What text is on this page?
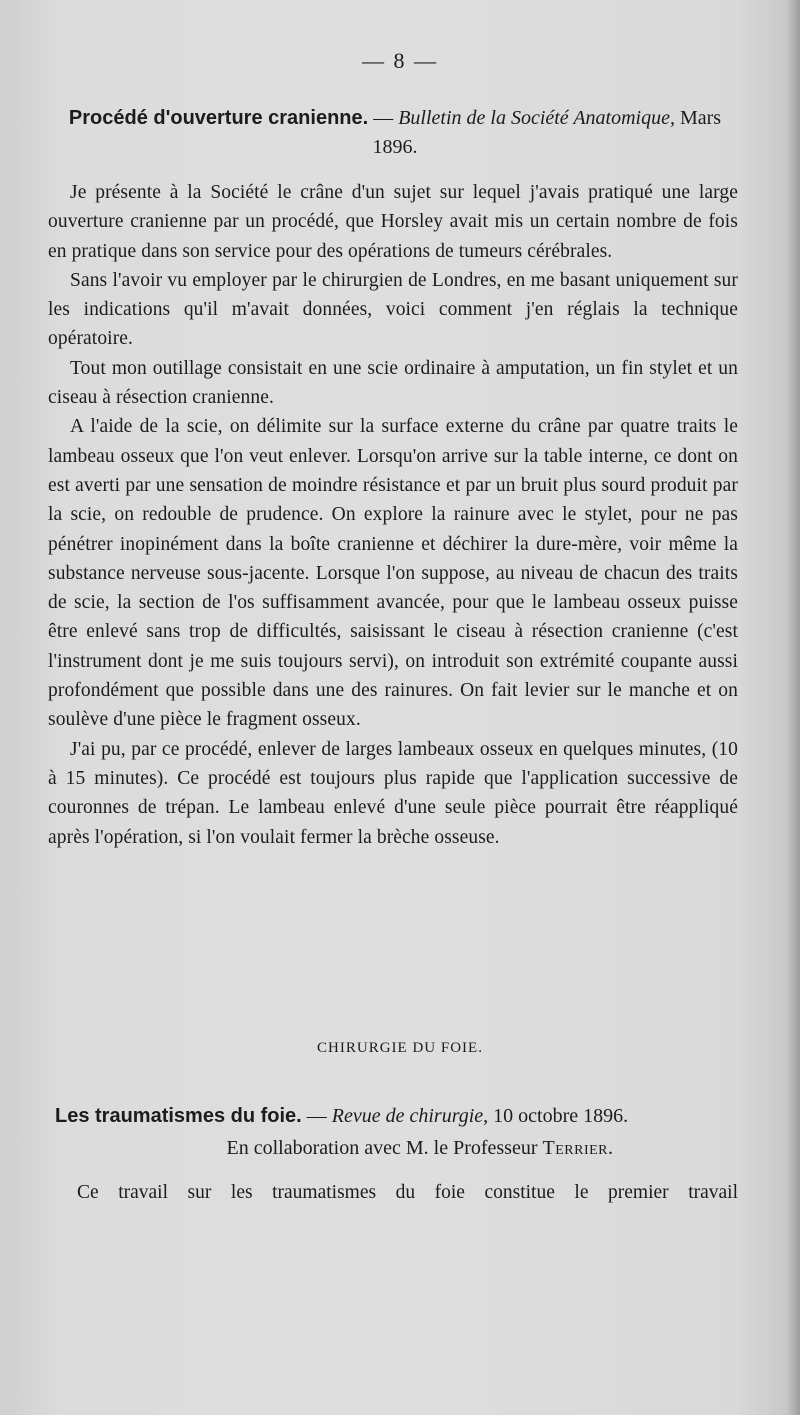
— 8 —
Procédé d'ouverture cranienne. — Bulletin de la Société Anatomique, Mars 1896.

Je présente à la Société le crâne d'un sujet sur lequel j'avais pratiqué une large ouverture cranienne par un procédé, que Horsley avait mis un certain nombre de fois en pratique dans son service pour des opérations de tumeurs cérébrales.

Sans l'avoir vu employer par le chirurgien de Londres, en me basant uniquement sur les indications qu'il m'avait données, voici comment j'en réglais la technique opératoire.

Tout mon outillage consistait en une scie ordinaire à amputation, un fin stylet et un ciseau à résection cranienne.

A l'aide de la scie, on délimite sur la surface externe du crâne par quatre traits le lambeau osseux que l'on veut enlever. Lorsqu'on arrive sur la table interne, ce dont on est averti par une sensation de moindre résistance et par un bruit plus sourd produit par la scie, on redouble de prudence. On explore la rainure avec le stylet, pour ne pas pénétrer inopinément dans la boîte cranienne et déchirer la dure-mère, voir même la substance nerveuse sous-jacente. Lorsque l'on suppose, au niveau de chacun des traits de scie, la section de l'os suffisamment avancée, pour que le lambeau osseux puisse être enlevé sans trop de difficultés, saisissant le ciseau à résection cranienne (c'est l'instrument dont je me suis toujours servi), on introduit son extrémité coupante aussi profondément que possible dans une des rainures. On fait levier sur le manche et on soulève d'une pièce le fragment osseux.

J'ai pu, par ce procédé, enlever de larges lambeaux osseux en quelques minutes, (10 à 15 minutes). Ce procédé est toujours plus rapide que l'application successive de couronnes de trépan. Le lambeau enlevé d'une seule pièce pourrait être réappliqué après l'opération, si l'on voulait fermer la brèche osseuse.

CHIRURGIE DU FOIE.
Les traumatismes du foie. — Revue de chirurgie, 10 octobre 1896.
En collaboration avec M. le Professeur Terrier.
Ce travail sur les traumatismes du foie constitue le premier travail
